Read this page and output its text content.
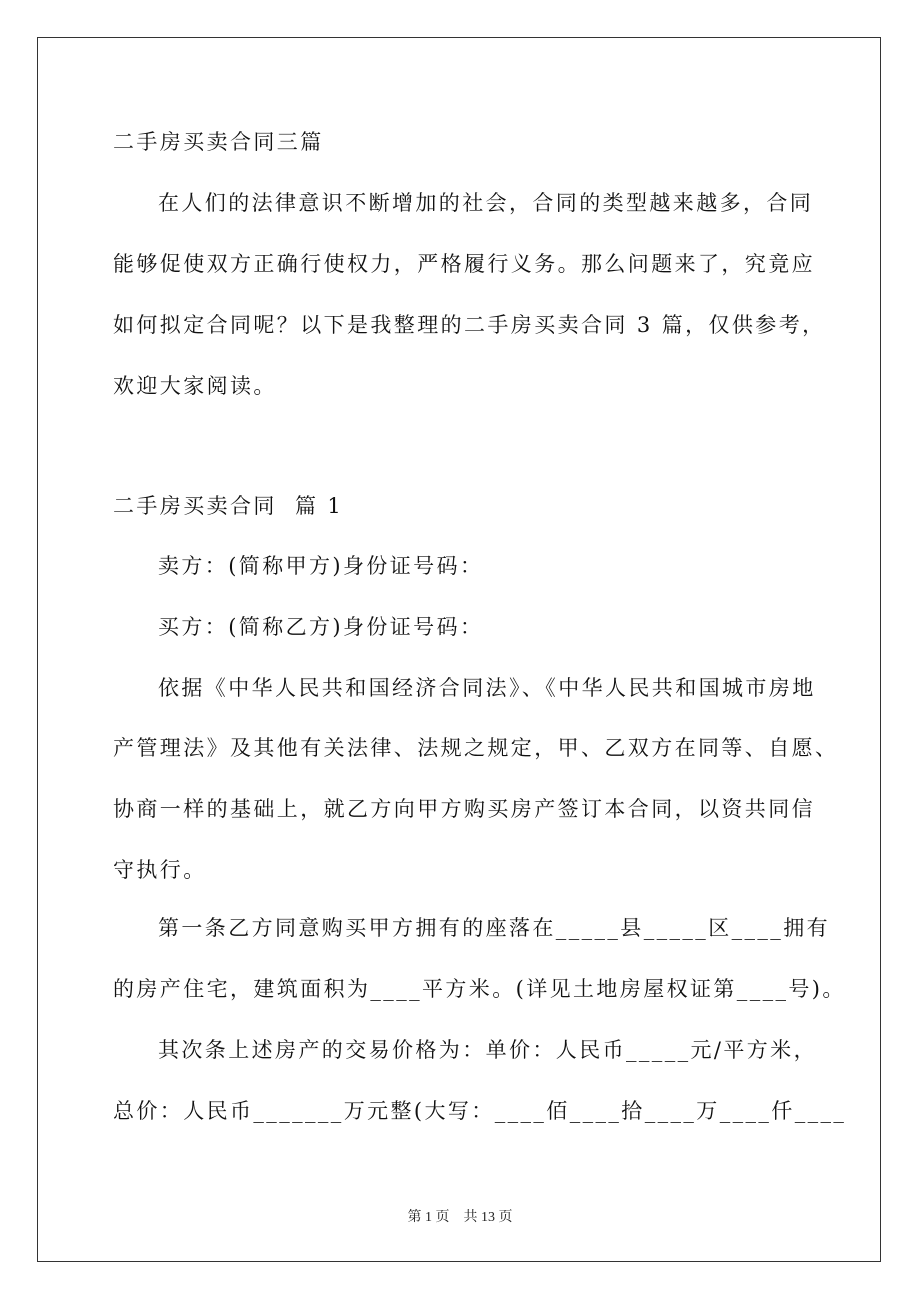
二手房买卖合同三篇
在人们的法律意识不断增加的社会，合同的类型越来越多，合同
能够促使双方正确行使权力，严格履行义务。那么问题来了，究竟应
如何拟定合同呢？以下是我整理的二手房买卖合同 3 篇，仅供参考，
欢迎大家阅读。
二手房买卖合同  篇 1
卖方：(简称甲方)身份证号码：
买方：(简称乙方)身份证号码：
依据《中华人民共和国经济合同法》、《中华人民共和国城市房地
产管理法》及其他有关法律、法规之规定，甲、乙双方在同等、自愿、
协商一样的基础上，就乙方向甲方购买房产签订本合同，以资共同信
守执行。
第一条乙方同意购买甲方拥有的座落在_____县_____区____拥有
的房产住宅，建筑面积为____平方米。(详见土地房屋权证第____号)。
其次条上述房产的交易价格为：单价：人民币_____元/平方米，
总价：人民币_______万元整(大写：____佰____拾____万____仟____
第 1 页    共 13 页
